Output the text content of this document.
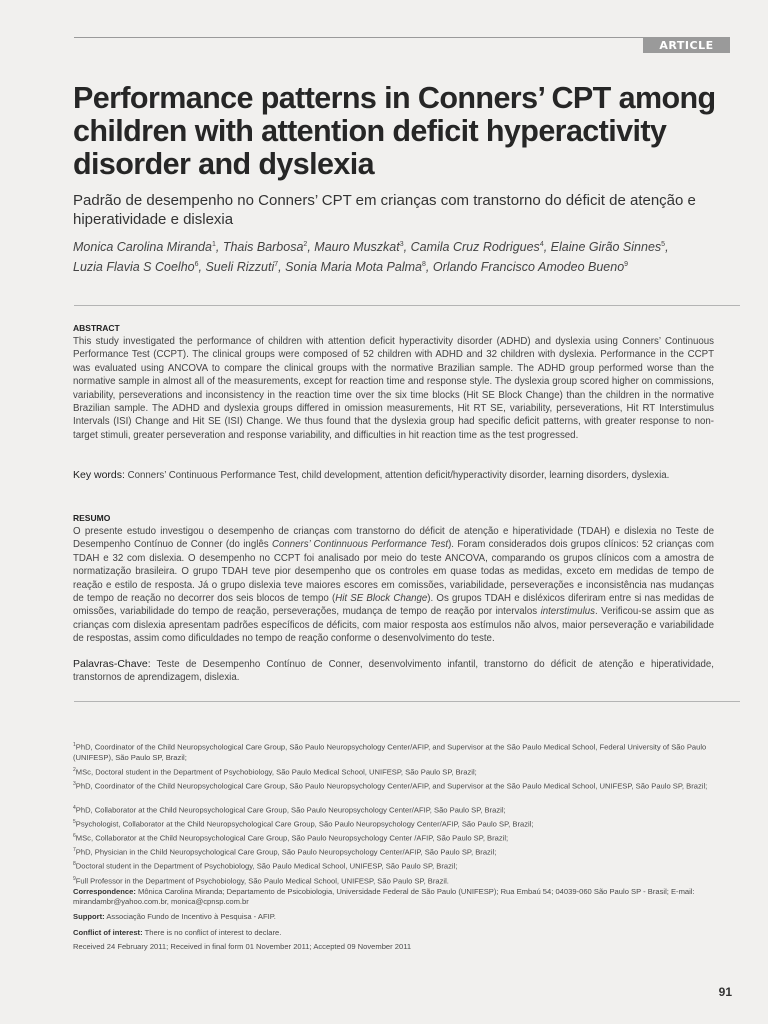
ARTICLE
Performance patterns in Conners’ CPT among children with attention deficit hyperactivity disorder and dyslexia

Padrão de desempenho no Conners’ CPT em crianças com transtorno do déficit de atenção e hiperatividade e dislexia

Monica Carolina Miranda$^1$, Thais Barbosa$^2$, Mauro Muszkat$^3$, Camila Cruz Rodrigues$^4$, Elaine Girão Sinnes$^5$,
Luzia Flavia S Coelho$^6$, Sueli Rizzuti$^7$, Sonia Maria Mota Palma$^8$, Orlando Francisco Amodeo Bueno$^9$

ABSTRACT

This study investigated the performance of children with attention deficit hyperactivity disorder (ADHD) and dyslexia using Conners’ Continuous Performance Test (CCPT). The clinical groups were composed of 52 children with ADHD and 32 children with dyslexia. Performance in the CCPT was evaluated using ANCOVA to compare the clinical groups with the normative Brazilian sample. The ADHD group performed worse than the normative sample in almost all of the measurements, except for reaction time and response style. The dyslexia group scored higher on commissions, variability, perseverations and inconsistency in the reaction time over the six time blocks (Hit SE Block Change) than the children in the normative Brazilian sample. The ADHD and dyslexia groups differed in omission measurements, Hit RT SE, variability, perseverations, Hit RT Interstimulus Intervals (ISI) Change and Hit SE (ISI) Change. We thus found that the dyslexia group had specific deficit patterns, with greater response to non-target stimuli, greater perseveration and response variability, and difficulties in hit reaction time as the test progressed.

Key words: Conners’ Continuous Performance Test, child development, attention deficit/hyperactivity disorder, learning disorders, dyslexia.

RESUMO

O presente estudo investigou o desempenho de crianças com transtorno do déficit de atenção e hiperatividade (TDAH) e dislexia no Teste de Desempenho Contínuo de Conner (do inglês Conners’ Continnuous Performance Test). Foram considerados dois grupos clínicos: 52 crianças com TDAH e 32 com dislexia. O desempenho no CCPT foi analisado por meio do teste ANCOVA, comparando os grupos clínicos com a amostra de normatização brasileira. O grupo TDAH teve pior desempenho que os controles em quase todas as medidas, exceto em medidas de tempo de reação e estilo de resposta. Já o grupo dislexia teve maiores escores em comissões, variabilidade, perseverações e inconsistência nas mudanças de tempo de reação no decorrer dos seis blocos de tempo (Hit SE Block Change). Os grupos TDAH e disléxicos diferiram entre si nas medidas de omissões, variabilidade do tempo de reação, perseverações, mudança de tempo de reação por intervalos interstimulus. Verificou-se assim que as crianças com dislexia apresentam padrões específicos de déficits, com maior resposta aos estímulos não alvos, maior perseveração e variabilidade de respostas, assim como dificuldades no tempo de reação conforme o desenvolvimento do teste.

Palavras-Chave: Teste de Desempenho Contínuo de Conner, desenvolvimento infantil, transtorno do déficit de atenção e hiperatividade, transtornos de aprendizagem, dislexia.

$^1$PhD, Coordinator of the Child Neuropsychological Care Group, São Paulo Neuropsychology Center/AFIP, and Supervisor at the São Paulo Medical School, Federal University of São Paulo (UNIFESP), São Paulo SP, Brazil;

$^2$MSc, Doctoral student in the Department of Psychobiology, São Paulo Medical School, UNIFESP, São Paulo SP, Brazil;

$^3$PhD, Coordinator of the Child Neuropsychological Care Group, São Paulo Neuropsychology Center/AFIP, and Supervisor at the São Paulo Medical School, UNIFESP, São Paulo SP, Brazil;

$^4$PhD, Collaborator at the Child Neuropsychological Care Group, São Paulo Neuropsychology Center/AFIP, São Paulo SP, Brazil;

$^5$Psychologist, Collaborator at the Child Neuropsychological Care Group, São Paulo Neuropsychology Center/AFIP, São Paulo SP, Brazil;

$^6$MSc, Collaborator at the Child Neuropsychological Care Group, São Paulo Neuropsychology Center /AFIP, São Paulo SP, Brazil;

$^7$PhD, Physician in the Child Neuropsychological Care Group, São Paulo Neuropsychology Center/AFIP, São Paulo SP, Brazil;

$^8$Doctoral student in the Department of Psychobiology, São Paulo Medical School, UNIFESP, São Paulo SP, Brazil;

$^9$Full Professor in the Department of Psychobiology, São Paulo Medical School, UNIFESP, São Paulo SP, Brazil.

Correspondence: Mônica Carolina Miranda; Departamento de Psicobiologia, Universidade Federal de São Paulo (UNIFESP); Rua Embaú 54; 04039-060 São Paulo SP - Brasil; E-mail: mirandambr@yahoo.com.br, monica@cpnsp.com.br

Support: Associação Fundo de Incentivo à Pesquisa - AFIP.

Conflict of interest: There is no conflict of interest to declare.

Received 24 February 2011; Received in final form 01 November 2011; Accepted 09 November 2011

91
